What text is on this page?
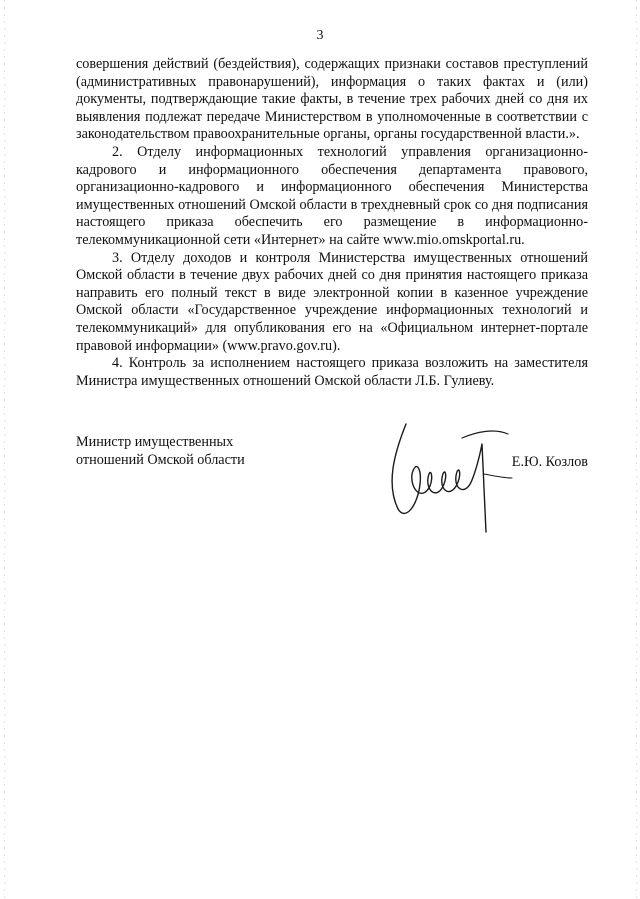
3

совершения действий (бездействия), содержащих признаки составов преступлений (административных правонарушений), информация о таких фактах и (или) документы, подтверждающие такие факты, в течение трех рабочих дней со дня их выявления подлежат передаче Министерством в уполномоченные в соответствии с законодательством правоохранительные органы, органы государственной власти.».

2. Отделу информационных технологий управления организационно-кадрового и информационного обеспечения департамента правового, организационно-кадрового и информационного обеспечения Министерства имущественных отношений Омской области в трехдневный срок со дня подписания настоящего приказа обеспечить его размещение в информационно-телекоммуникационной сети «Интернет» на сайте www.mio.omskportal.ru.

3. Отделу доходов и контроля Министерства имущественных отношений Омской области в течение двух рабочих дней со дня принятия настоящего приказа направить его полный текст в виде электронной копии в казенное учреждение Омской области «Государственное учреждение информационных технологий и телекоммуникаций» для опубликования его на «Официальном интернет-портале правовой информации» (www.pravo.gov.ru).

4. Контроль за исполнением настоящего приказа возложить на заместителя Министра имущественных отношений Омской области Л.Б. Гулиеву.

Министр имущественных
отношений Омской области	Е.Ю. Козлов
